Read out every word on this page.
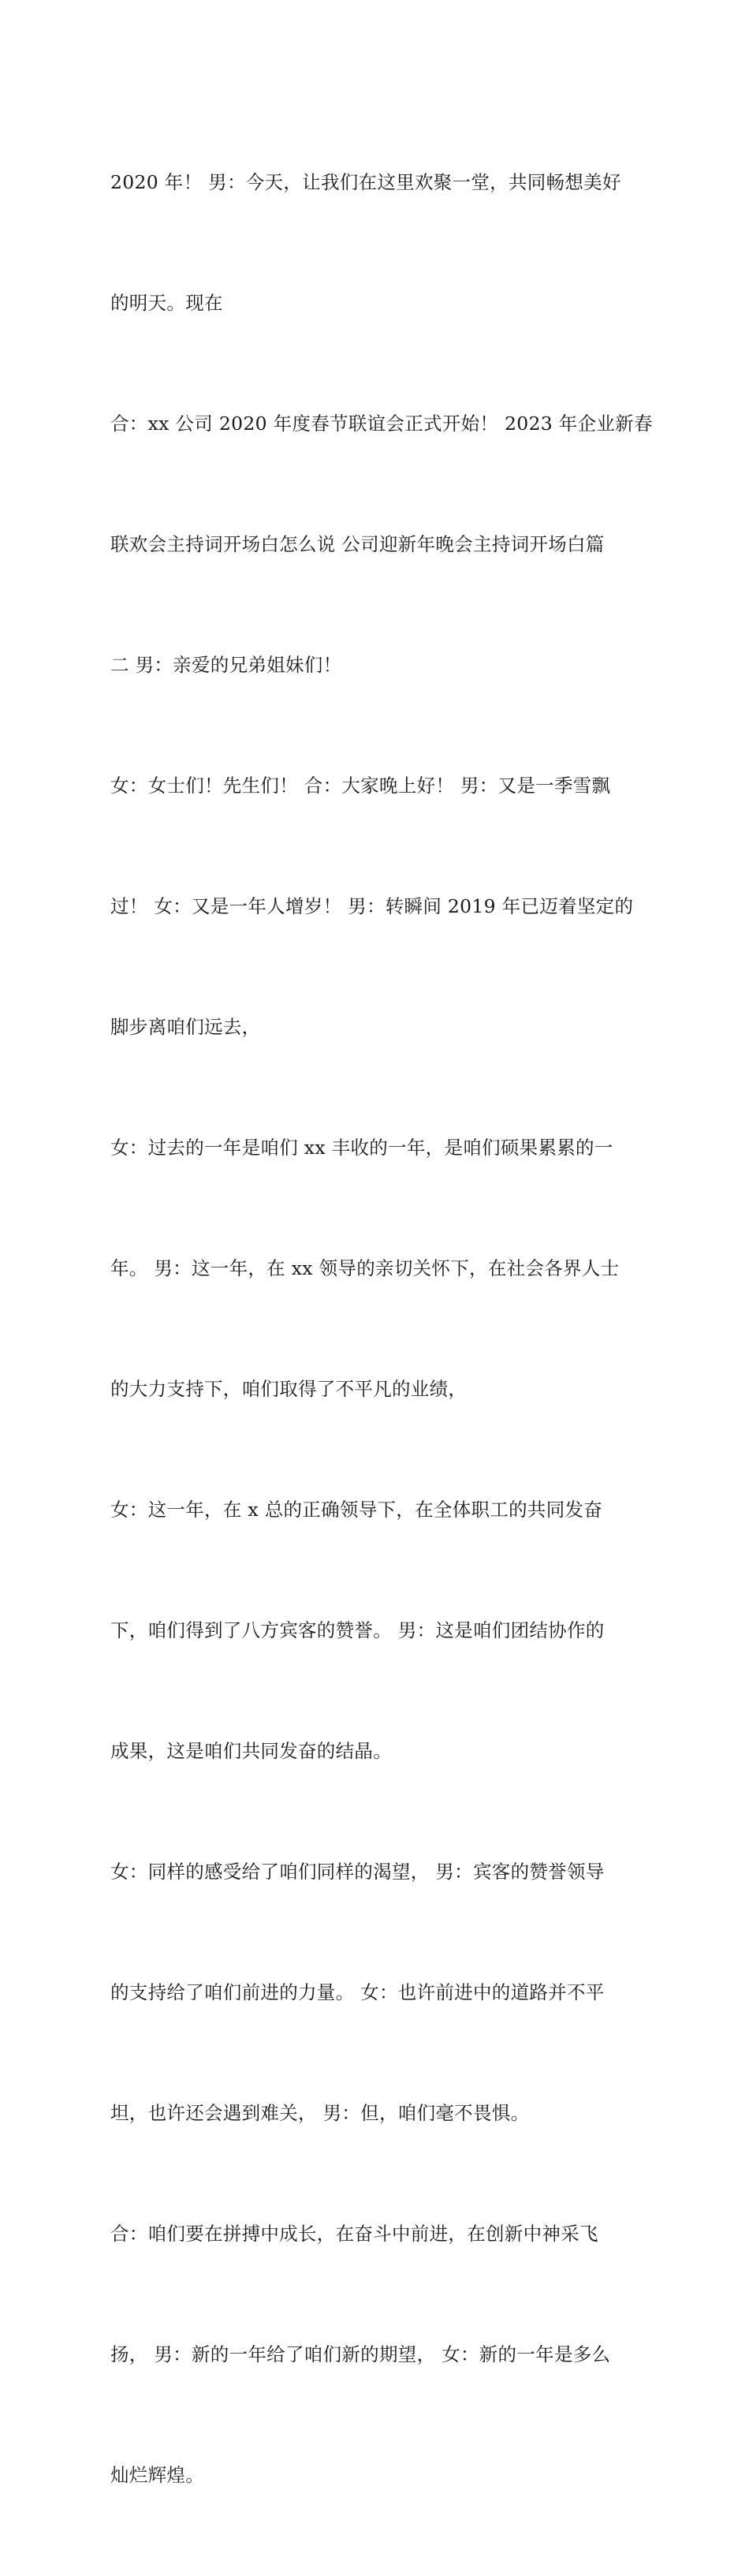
2020 年！ 男：今天，让我们在这里欢聚一堂，共同畅想美好

的明天。现在

合：xx 公司 2020 年度春节联谊会正式开始！ 2023 年企业新春

联欢会主持词开场白怎么说 公司迎新年晚会主持词开场白篇

二 男：亲爱的兄弟姐妹们！

女：女士们！先生们！ 合：大家晚上好！ 男：又是一季雪飘

过！ 女：又是一年人增岁！ 男：转瞬间 2019 年已迈着坚定的

脚步离咱们远去，

女：过去的一年是咱们 xx 丰收的一年，是咱们硕果累累的一

年。 男：这一年，在 xx 领导的亲切关怀下，在社会各界人士

的大力支持下，咱们取得了不平凡的业绩，

女：这一年，在 x 总的正确领导下，在全体职工的共同发奋

下，咱们得到了八方宾客的赞誉。 男：这是咱们团结协作的

成果，这是咱们共同发奋的结晶。

女：同样的感受给了咱们同样的渴望， 男：宾客的赞誉领导

的支持给了咱们前进的力量。 女：也许前进中的道路并不平

坦，也许还会遇到难关， 男：但，咱们毫不畏惧。

合：咱们要在拼搏中成长，在奋斗中前进，在创新中神采飞

扬， 男：新的一年给了咱们新的期望， 女：新的一年是多么

灿烂辉煌。
